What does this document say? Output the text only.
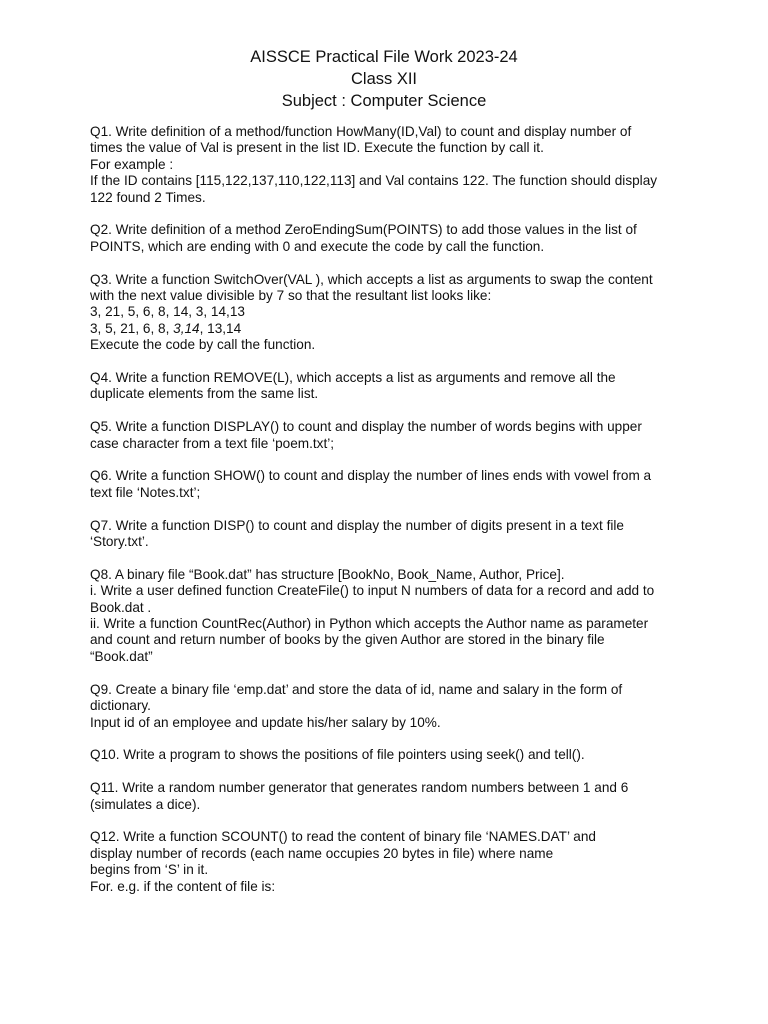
AISSCE Practical File Work 2023-24
Class XII
Subject : Computer Science
Q1. Write definition of a method/function HowMany(ID,Val) to count and display number of
times the value of Val is present in the list ID. Execute the function by call it.
For example :
If the ID contains [115,122,137,110,122,113] and Val contains 122. The function should display
122 found 2 Times.
Q2. Write definition of a method ZeroEndingSum(POINTS) to add those values in the list of
POINTS, which are ending with 0 and execute the code by call the function.
Q3. Write a function SwitchOver(VAL ), which accepts a list as arguments to swap the content
with the next value divisible by 7 so that the resultant list looks like:
3, 21, 5, 6, 8, 14, 3, 14,13
3, 5, 21, 6, 8, 3,14, 13,14
Execute the code by call the function.
Q4. Write a function REMOVE(L), which accepts a list as arguments and remove all the
duplicate elements from the same list.
Q5. Write a function DISPLAY() to count and display the number of words begins with upper
case character from a text file ‘poem.txt’;
Q6. Write a function SHOW() to count and display the number of lines ends with vowel from a
text file ‘Notes.txt’;
Q7. Write a function DISP() to count and display the number of digits present in a text file
‘Story.txt’.
Q8. A binary file “Book.dat” has structure [BookNo, Book_Name, Author, Price].
i. Write a user defined function CreateFile() to input N numbers of data for a record and add to
Book.dat .
ii. Write a function CountRec(Author) in Python which accepts the Author name as parameter
and count and return number of books by the given Author are stored in the binary file
“Book.dat”
Q9. Create a binary file ‘emp.dat’ and store the data of id, name and salary in the form of
dictionary.
Input id of an employee and update his/her salary by 10%.
Q10. Write a program to shows the positions of file pointers using seek() and tell().
Q11. Write a random number generator that generates random numbers between 1 and 6
(simulates a dice).
Q12. Write a function SCOUNT() to read the content of binary file ‘NAMES.DAT’ and
display number of records (each name occupies 20 bytes in file) where name
begins from ‘S’ in it.
For. e.g. if the content of file is:
